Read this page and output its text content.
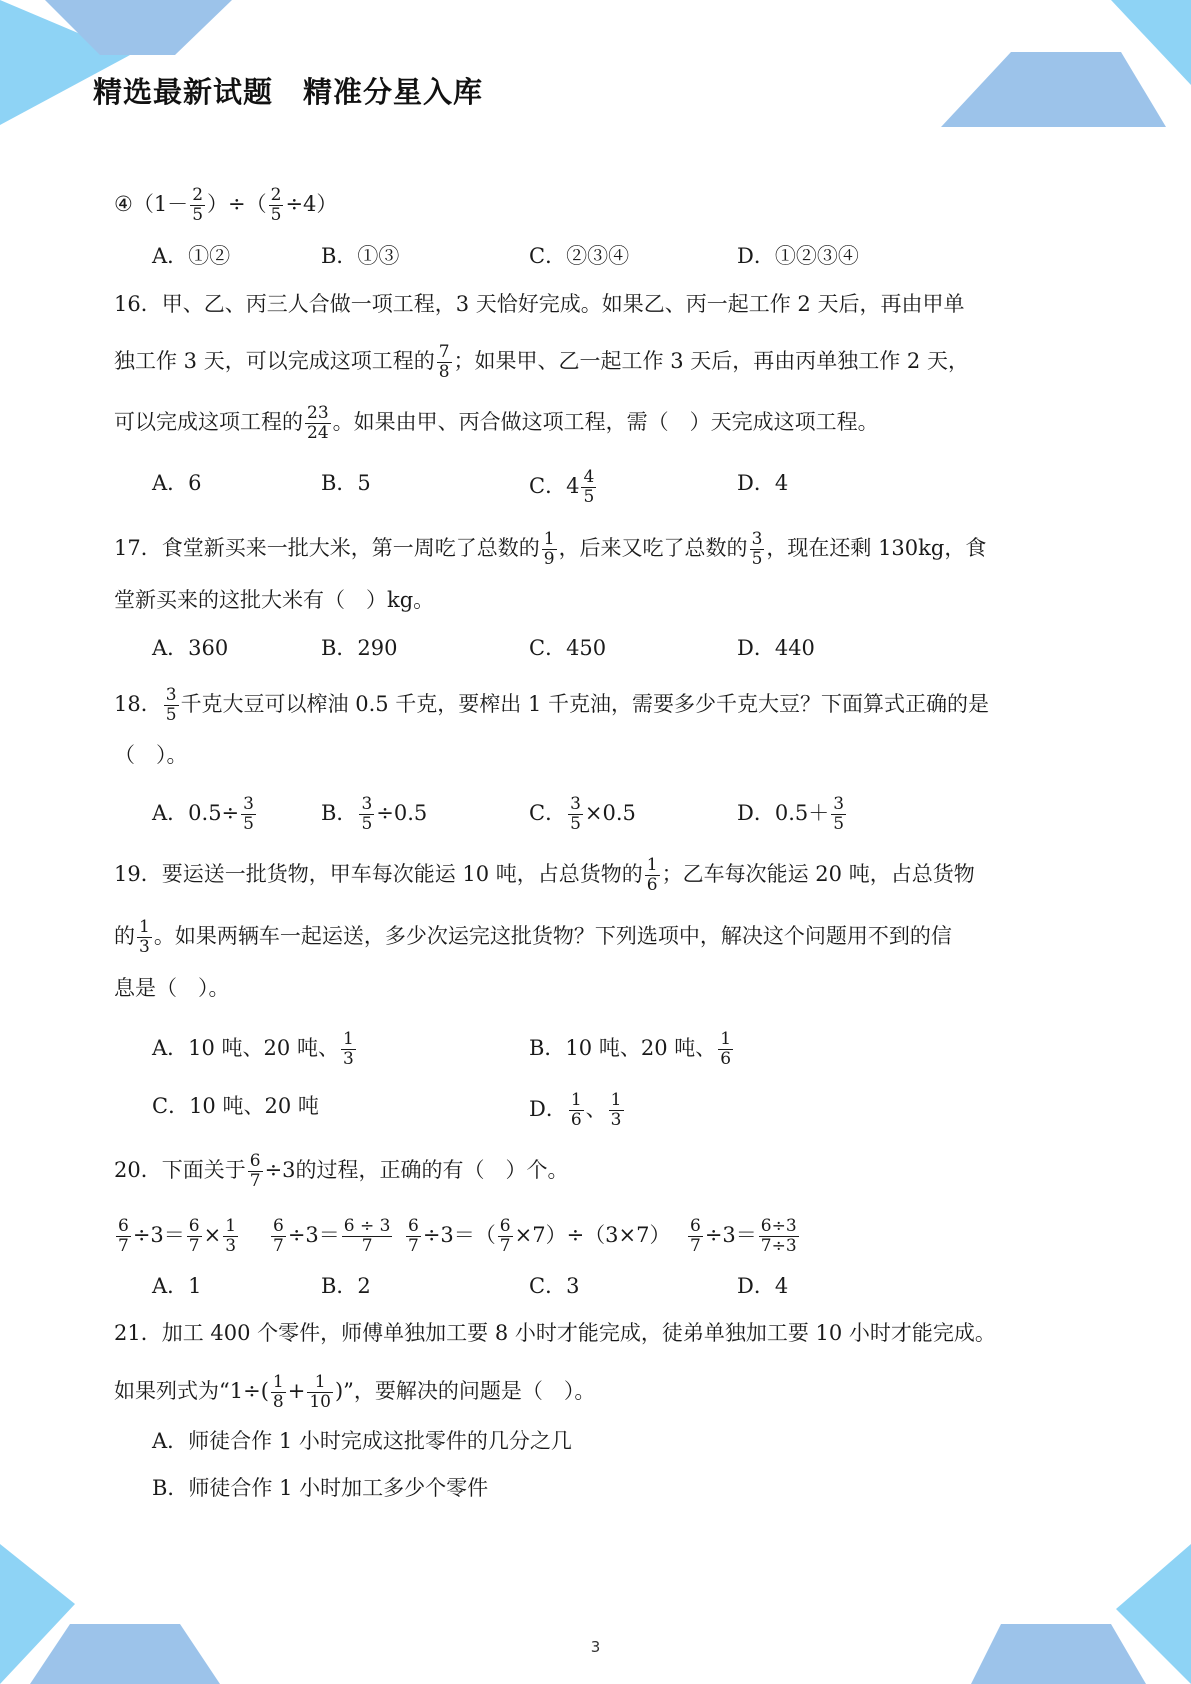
精选最新试题　精准分星入库
④（1－ $\frac{2}{5}$ ）÷（ $\frac{2}{5} \div 4$）
A．①②	B．①③	C．②③④	D．①②③④
16．甲、乙、丙三人合做一项工程，3 天恰好完成。如果乙、丙一起工作 2 天后，再由甲单
独工作 3 天，可以完成这项工程的 $\frac{7}{8}$ ；如果甲、乙一起工作 3 天后，再由丙单独工作 2 天，
可以完成这项工程的 $\frac{23}{24}$ 。如果由甲、丙合做这项工程，需（　）天完成这项工程。
A．6	B．5	C．$4 \frac{4}{5}$	D．4
17．食堂新买来一批大米，第一周吃了总数的 $\frac{1}{9}$ ，后来又吃了总数的 $\frac{3}{5}$ ，现在还剩 130kg，食
堂新买来的这批大米有（　）kg。
A．360	B．290	C．450	D．440
18． $\frac{3}{5}$ 千克大豆可以榨油 0.5 千克，要榨出 1 千克油，需要多少千克大豆？下面算式正确的是
（　）。
A．$0.5\div \frac{3}{5}$	B． $\frac{3}{5} \div 0.5$	C． $\frac{3}{5} \times 0.5$	D．$0.5+ \frac{3}{5}$
19．要运送一批货物，甲车每次能运 10 吨，占总货物的 $\frac{1}{6}$ ；乙车每次能运 20 吨，占总货物
的 $\frac{1}{3}$ 。如果两辆车一起运送，多少次运完这批货物？下列选项中，解决这个问题用不到的信
息是（　）。
A．10 吨、20 吨、 $\frac{1}{3}$	B．10 吨、20 吨、 $\frac{1}{6}$
C．10 吨、20 吨	D． $\frac{1}{6}$ 、 $\frac{1}{3}$
20．下面关于 $\frac{6}{7} \div 3$的过程，正确的有（　）个。
$\frac{6}{7} \div 3= \frac{6}{7} \times \frac{1}{3} \frac{6}{7} \div 3= \frac{6 \div 3}{7} \frac{6}{7} \div 3=( \frac{6}{7} \times 7)\div(3\times 7) \frac{6}{7} \div 3= \frac{6\div 3}{7\div 3}$
A．1	B．2	C．3	D．4
21．加工 400 个零件，师傅单独加工要 8 小时才能完成，徒弟单独加工要 10 小时才能完成。
如果列式为“$1\div( \frac{1}{8} + \frac{1}{10}$ )”，要解决的问题是（　）。
A．师徒合作 1 小时完成这批零件的几分之几
B．师徒合作 1 小时加工多少个零件
3
